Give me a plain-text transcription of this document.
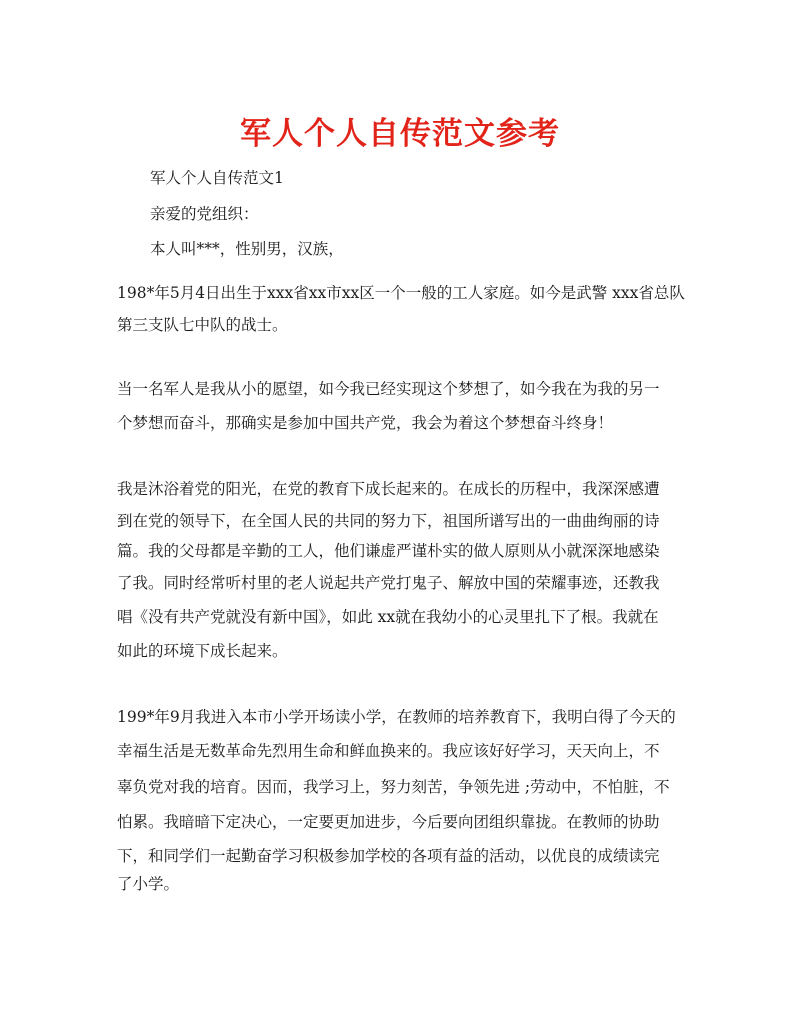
军人个人自传范文参考

军人个人自传范文1

亲爱的党组织：

本人叫***，性别男，汉族，

198*年5月4日出生于xxx省xx市xx区一个一般的工人家庭。如今是武警 xxx省总队

第三支队七中队的战士。

当一名军人是我从小的愿望，如今我已经实现这个梦想了，如今我在为我的另一

个梦想而奋斗，那确实是参加中国共产党，我会为着这个梦想奋斗终身！

我是沐浴着党的阳光，在党的教育下成长起来的。在成长的历程中，我深深感遭

到在党的领导下，在全国人民的共同的努力下，祖国所谱写出的一曲曲绚丽的诗

篇。我的父母都是辛勤的工人，他们谦虚严谨朴实的做人原则从小就深深地感染

了我。同时经常听村里的老人说起共产党打鬼子、解放中国的荣耀事迹，还教我

唱《没有共产党就没有新中国》，如此 xx就在我幼小的心灵里扎下了根。我就在

如此的环境下成长起来。

199*年9月我进入本市小学开场读小学，在教师的培养教育下，我明白得了今天的

幸福生活是无数革命先烈用生命和鲜血换来的。我应该好好学习，天天向上，不

辜负党对我的培育。因而，我学习上，努力刻苦，争领先进 ;劳动中，不怕脏，不

怕累。我暗暗下定决心，一定要更加进步，今后要向团组织靠拢。在教师的协助

下，和同学们一起勤奋学习积极参加学校的各项有益的活动，以优良的成绩读完

了小学。
